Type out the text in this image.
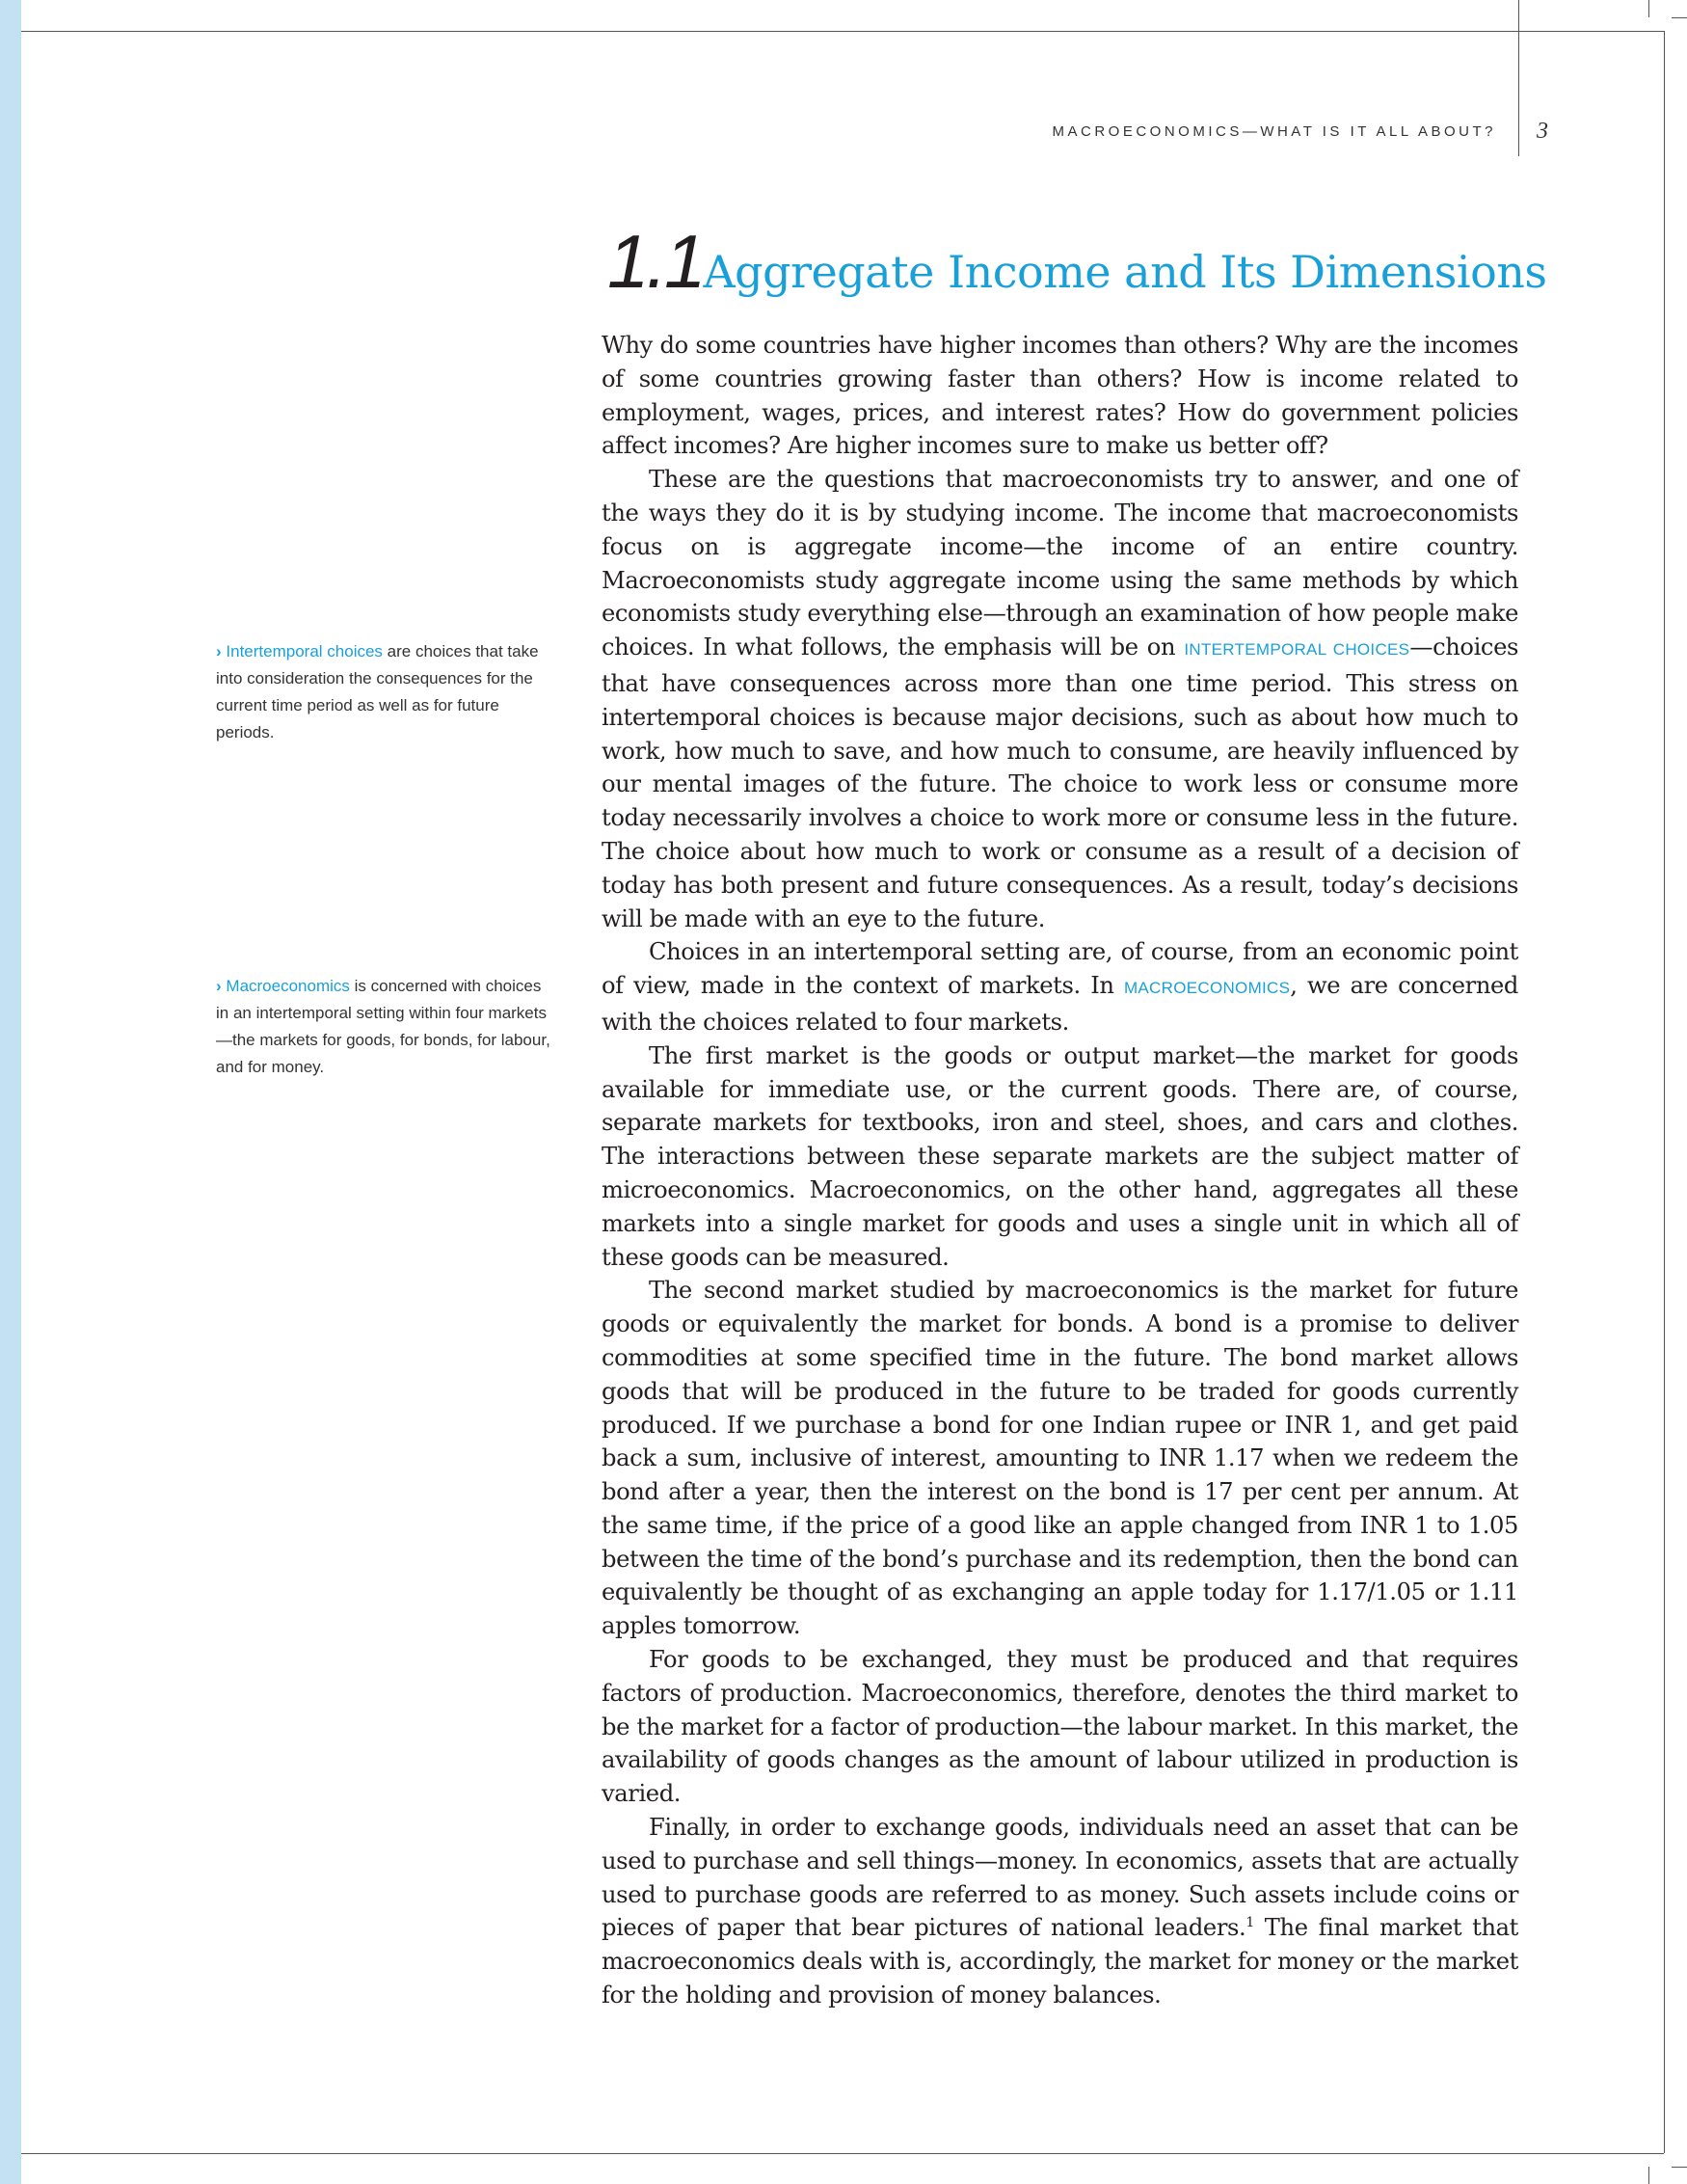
MACROECONOMICS—WHAT IS IT ALL ABOUT? 3
1.1Aggregate Income and Its Dimensions
› Intertemporal choices are choices that take into consideration the consequences for the current time period as well as for future periods.
› Macroeconomics is concerned with choices in an intertemporal setting within four markets—the markets for goods, for bonds, for labour, and for money.

Why do some countries have higher incomes than others? Why are the incomes of some countries growing faster than others? How is income related to employment, wages, prices, and interest rates? How do government policies affect incomes? Are higher incomes sure to make us better off?

These are the questions that macroeconomists try to answer, and one of the ways they do it is by studying income. The income that macroeconomists focus on is aggregate income—the income of an entire country. Macroeconomists study aggregate income using the same methods by which economists study everything else—through an examination of how people make choices. In what follows, the emphasis will be on INTERTEMPORAL CHOICES—choices that have consequences across more than one time period. This stress on intertemporal choices is because major decisions, such as about how much to work, how much to save, and how much to consume, are heavily influenced by our mental images of the future. The choice to work less or consume more today necessarily involves a choice to work more or consume less in the future. The choice about how much to work or consume as a result of a decision of today has both present and future consequences. As a result, today’s decisions will be made with an eye to the future.

Choices in an intertemporal setting are, of course, from an economic point of view, made in the context of markets. In MACROECONOMICS, we are concerned with the choices related to four markets.

The first market is the goods or output market—the market for goods available for immediate use, or the current goods. There are, of course, separate markets for textbooks, iron and steel, shoes, and cars and clothes. The interactions between these separate markets are the subject matter of microeconomics. Macroeconomics, on the other hand, aggregates all these markets into a single market for goods and uses a single unit in which all of these goods can be measured.

The second market studied by macroeconomics is the market for future goods or equivalently the market for bonds. A bond is a promise to deliver commodities at some specified time in the future. The bond market allows goods that will be produced in the future to be traded for goods currently produced. If we purchase a bond for one Indian rupee or INR 1, and get paid back a sum, inclusive of interest, amounting to INR 1.17 when we redeem the bond after a year, then the interest on the bond is 17 per cent per annum. At the same time, if the price of a good like an apple changed from INR 1 to 1.05 between the time of the bond’s purchase and its redemption, then the bond can equivalently be thought of as exchanging an apple today for 1.17/1.05 or 1.11 apples tomorrow.

For goods to be exchanged, they must be produced and that requires factors of production. Macroeconomics, therefore, denotes the third market to be the market for a factor of production—the labour market. In this market, the availability of goods changes as the amount of labour utilized in production is varied.

Finally, in order to exchange goods, individuals need an asset that can be used to purchase and sell things—money. In economics, assets that are actually used to purchase goods are referred to as money. Such assets include coins or pieces of paper that bear pictures of national leaders.$^1$ The final market that macroeconomics deals with is, accordingly, the market for money or the market for the holding and provision of money balances.
